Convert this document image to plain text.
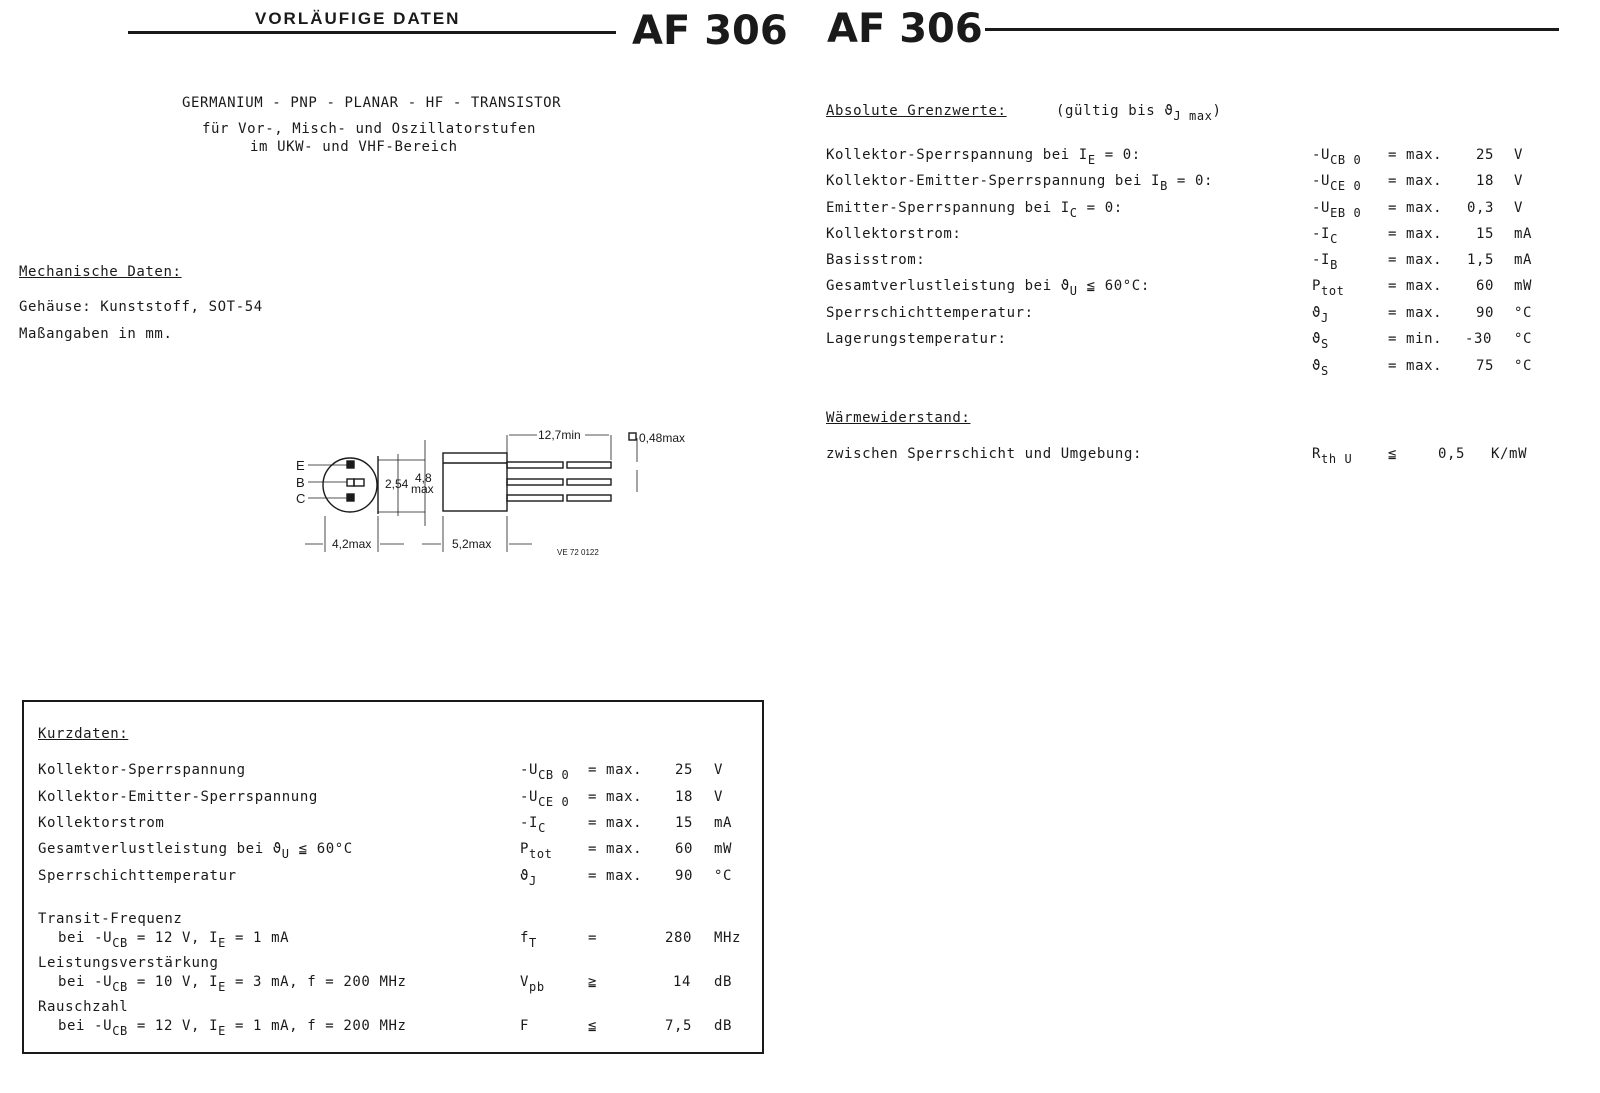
VORLÄUFIGE DATEN	AF 306 AF 306
GERMANIUM - PNP - PLANAR - HF - TRANSISTOR
für Vor-, Misch- und Oszillatorstufen
im UKW- und VHF-Bereich
Mechanische Daten:
Gehäuse: Kunststoff, SOT-54
Maßangaben in mm.
E
B
C
2,54 4,8
max
4,2max	5,2max
12,7min	0,48max
VE 72 0122
Kurzdaten:
Kollektor-Sperrspannung	$-U_{CB 0} = \max$. 25 V
Kollektor-Emitter-Sperrspannung	$-U_{CE 0} = \max$. 18 V
Kollektorstrom	$-I_C$	= max. 15 mA
Gesamtverlustleistung bei $ϑ_U$ ≦ 60°C	$P_{tot}$	= max. 60 mW
Sperrschichttemperatur	$ϑ_J$	= max. 90 °C
Transit-Frequenz
bei $-U_{CB} = 12$ V, $I_E = 1$ mA	$f_T$	=	280 MHz
Leistungsverstärkung
bei $-U_{CB} = 10$ V, $I_E = 3$ mA, f = 200 MHz	$V_{pb}$	≧	14 dB
Rauschzahl
bei $-U_{CB} = 12$ V, $I_E = 1$ mA, f = 200 MHz	F	≦	7,5 dB
Absolute Grenzwerte:	(gültig bis $ϑ_{J max}$)
Kollektor-Sperrspannung bei $I_E = 0$:	$-U_{CB 0} = \max$. 25 V
Kollektor-Emitter-Sperrspannung bei $I_B = 0$:	$-U_{CE 0} = \max$. 18 V
Emitter-Sperrspannung bei $I_C = 0$:	$-U_{EB 0} = \max$. 0,3 V
Kollektorstrom:	$-I_C$	= max. 15 mA
Basisstrom:	$-I_B$	= max. 1,5 mA
Gesamtverlustleistung bei $ϑ_U$ ≦ 60°C:	$P_{tot}$	= max. 60 mW
Sperrschichttemperatur:	$ϑ_J$	= max. 90 °C
Lagerungstemperatur:	$ϑ_S$	= min. -30 °C
$ϑ_S$	= max. 75 °C
Wärmewiderstand:
zwischen Sperrschicht und Umgebung:	$R_{th U}$	≦	0,5 K/mW
